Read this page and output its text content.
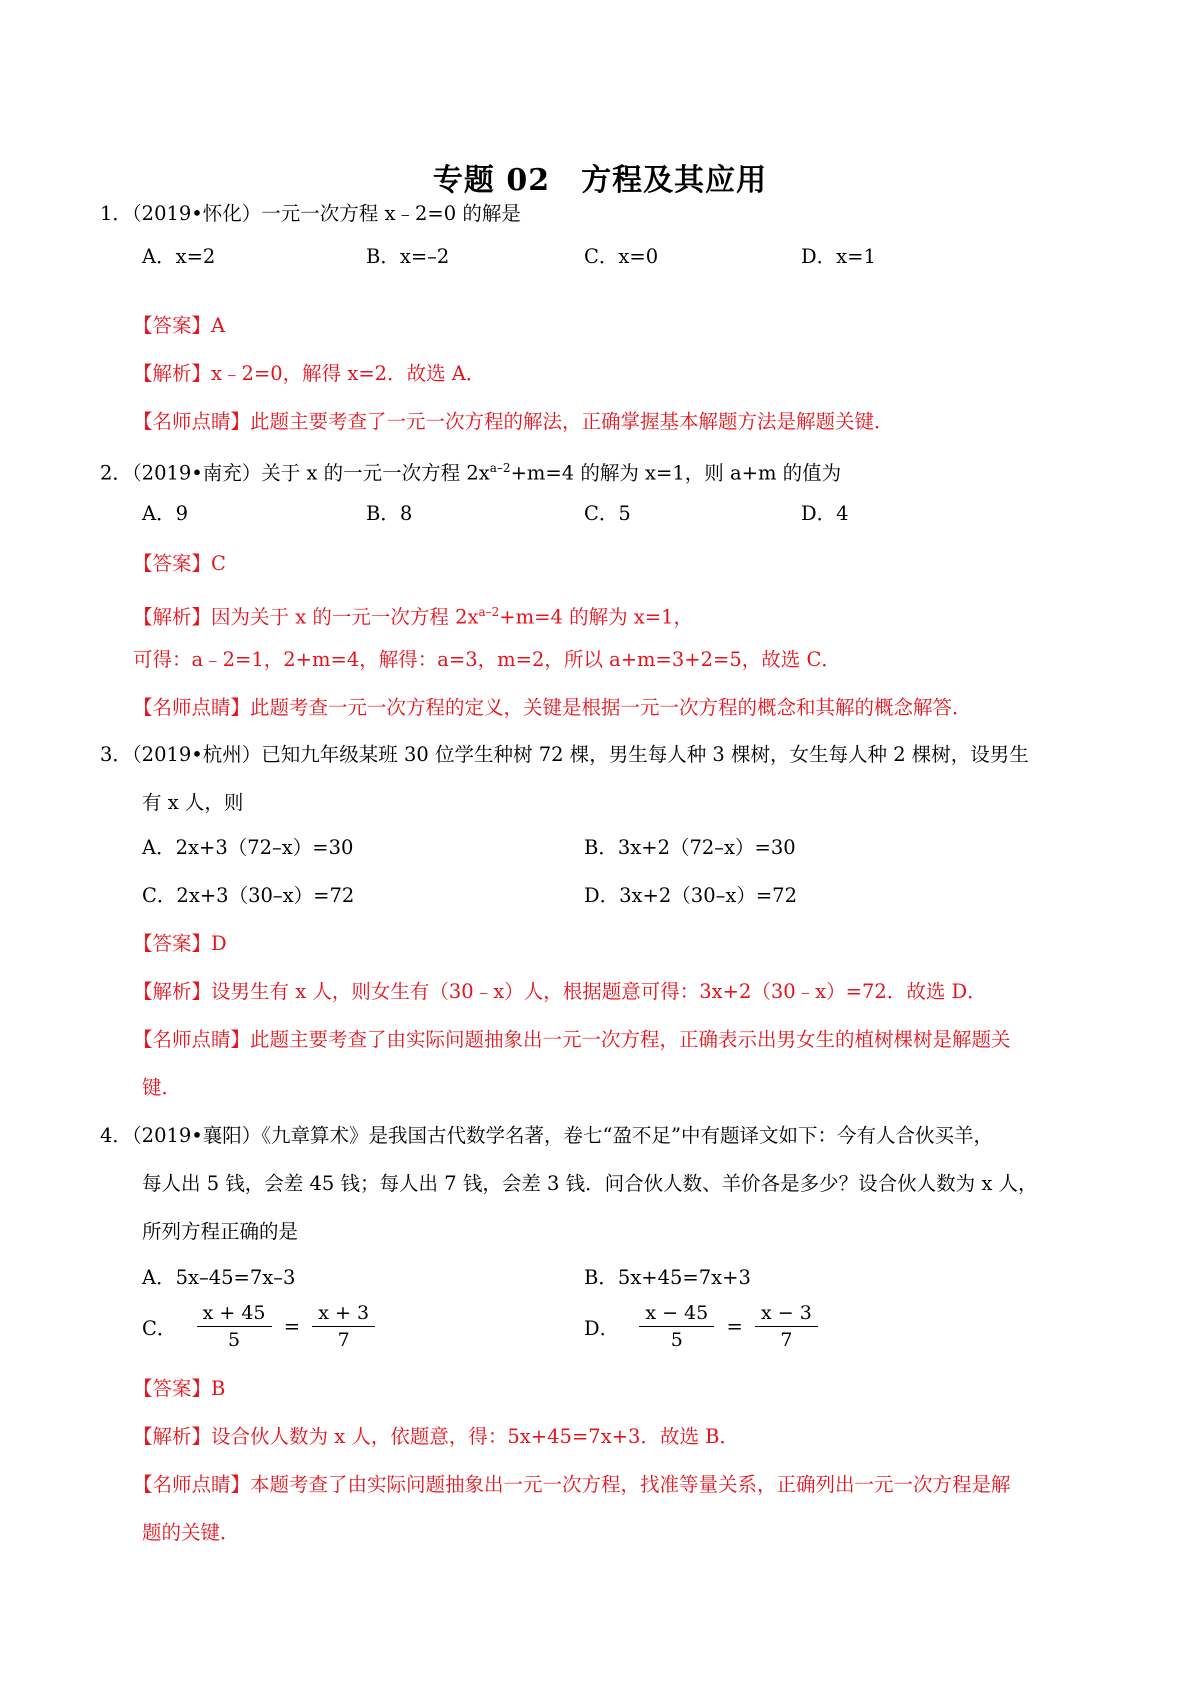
专题 02　方程及其应用
1．（2019•怀化）一元一次方程 x﹣2=0 的解是
A．x=2	B．x=–2	C．x=0	D．x=1
【答案】A
【解析】x﹣2=0，解得 x=2．故选 A．
【名师点睛】此题主要考查了一元一次方程的解法，正确掌握基本解题方法是解题关键．
2．（2019•南充）关于 x 的一元一次方程 $2x^{a-2}+m=4$ 的解为 x=1，则 a+m 的值为
A．9	B．8	C．5	D．4
【答案】C
【解析】因为关于 x 的一元一次方程 $2x^{a-2}+m=4$ 的解为 x=1，
可得：a﹣2=1，2+m=4，解得：a=3，m=2，所以 a+m=3+2=5，故选 C．
【名师点睛】此题考查一元一次方程的定义，关键是根据一元一次方程的概念和其解的概念解答．
3．（2019•杭州）已知九年级某班 30 位学生种树 72 棵，男生每人种 3 棵树，女生每人种 2 棵树，设男生
有 x 人，则
A．2x+3（72–x）=30	B．3x+2（72–x）=30
C．2x+3（30–x）=72	D．3x+2（30–x）=72
【答案】D
【解析】设男生有 x 人，则女生有（30﹣x）人，根据题意可得：3x+2（30﹣x）=72．故选 D．
【名师点睛】此题主要考查了由实际问题抽象出一元一次方程，正确表示出男女生的植树棵树是解题关
键．
4．（2019•襄阳）《九章算术》是我国古代数学名著，卷七“盈不足”中有题译文如下：今有人合伙买羊，
每人出 5 钱，会差 45 钱；每人出 7 钱，会差 3 钱．问合伙人数、羊价各是多少？设合伙人数为 x 人，
所列方程正确的是
A．5x–45=7x–3	B．5x+45=7x+3
C． $\frac{x + 45}{5} = \frac{x + 3}{7}$	D． $\frac{x - 45}{5} = \frac{x - 3}{7}$
【答案】B
【解析】设合伙人数为 x 人，依题意，得：5x+45=7x+3．故选 B．
【名师点睛】本题考查了由实际问题抽象出一元一次方程，找准等量关系，正确列出一元一次方程是解
题的关键．
